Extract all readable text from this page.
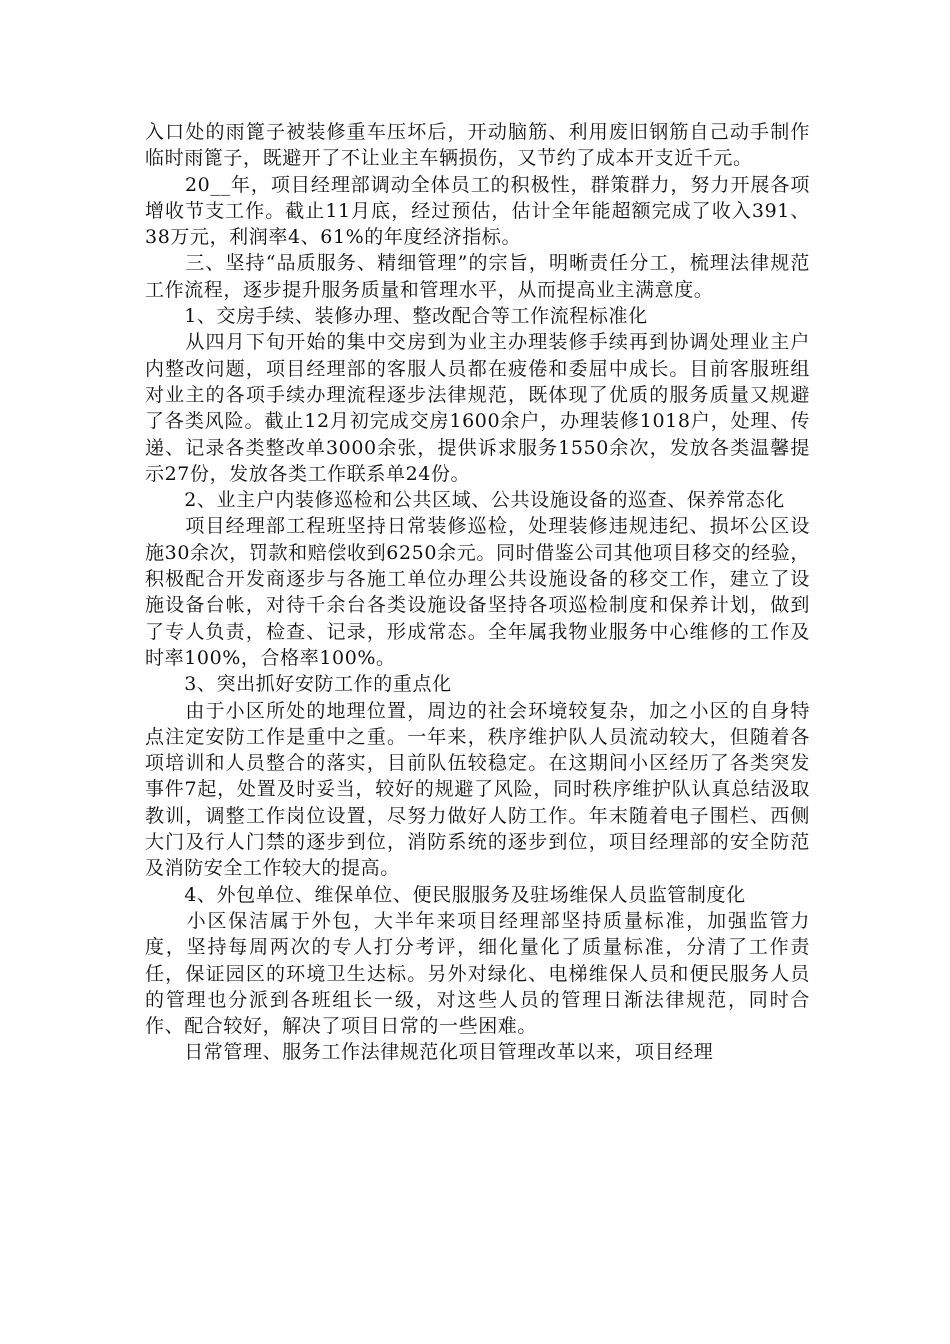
入口处的雨篦子被装修重车压坏后，开动脑筋、利用废旧钢筋自己动手制作临时雨篦子，既避开了不让业主车辆损伤，又节约了成本开支近千元。

　　20__年，项目经理部调动全体员工的积极性，群策群力，努力开展各项增收节支工作。截止11月底，经过预估，估计全年能超额完成了收入391、38万元，利润率4、61%的年度经济指标。

　　三、坚持“品质服务、精细管理”的宗旨，明晰责任分工，梳理法律规范工作流程，逐步提升服务质量和管理水平，从而提高业主满意度。

　　1、交房手续、装修办理、整改配合等工作流程标准化

　　从四月下旬开始的集中交房到为业主办理装修手续再到协调处理业主户内整改问题，项目经理部的客服人员都在疲倦和委屈中成长。目前客服班组对业主的各项手续办理流程逐步法律规范，既体现了优质的服务质量又规避了各类风险。截止12月初完成交房1600余户，办理装修1018户，处理、传递、记录各类整改单3000余张，提供诉求服务1550余次，发放各类温馨提示27份，发放各类工作联系单24份。

　　2、业主户内装修巡检和公共区域、公共设施设备的巡查、保养常态化

　　项目经理部工程班坚持日常装修巡检，处理装修违规违纪、损坏公区设施30余次，罚款和赔偿收到6250余元。同时借鉴公司其他项目移交的经验，积极配合开发商逐步与各施工单位办理公共设施设备的移交工作，建立了设施设备台帐，对待千余台各类设施设备坚持各项巡检制度和保养计划，做到了专人负责，检查、记录，形成常态。全年属我物业服务中心维修的工作及时率100%，合格率100%。

　　3、突出抓好安防工作的重点化

　　由于小区所处的地理位置，周边的社会环境较复杂，加之小区的自身特点注定安防工作是重中之重。一年来，秩序维护队人员流动较大，但随着各项培训和人员整合的落实，目前队伍较稳定。在这期间小区经历了各类突发事件7起，处置及时妥当，较好的规避了风险，同时秩序维护队认真总结汲取教训，调整工作岗位设置，尽努力做好人防工作。年末随着电子围栏、西侧大门及行人门禁的逐步到位，消防系统的逐步到位，项目经理部的安全防范及消防安全工作较大的提高。

　　4、外包单位、维保单位、便民服服务及驻场维保人员监管制度化

　　小区保洁属于外包，大半年来项目经理部坚持质量标准，加强监管力度，坚持每周两次的专人打分考评，细化量化了质量标准，分清了工作责任，保证园区的环境卫生达标。另外对绿化、电梯维保人员和便民服务人员的管理也分派到各班组长一级，对这些人员的管理日渐法律规范，同时合作、配合较好，解决了项目日常的一些困难。

　　日常管理、服务工作法律规范化项目管理改革以来，项目经理
